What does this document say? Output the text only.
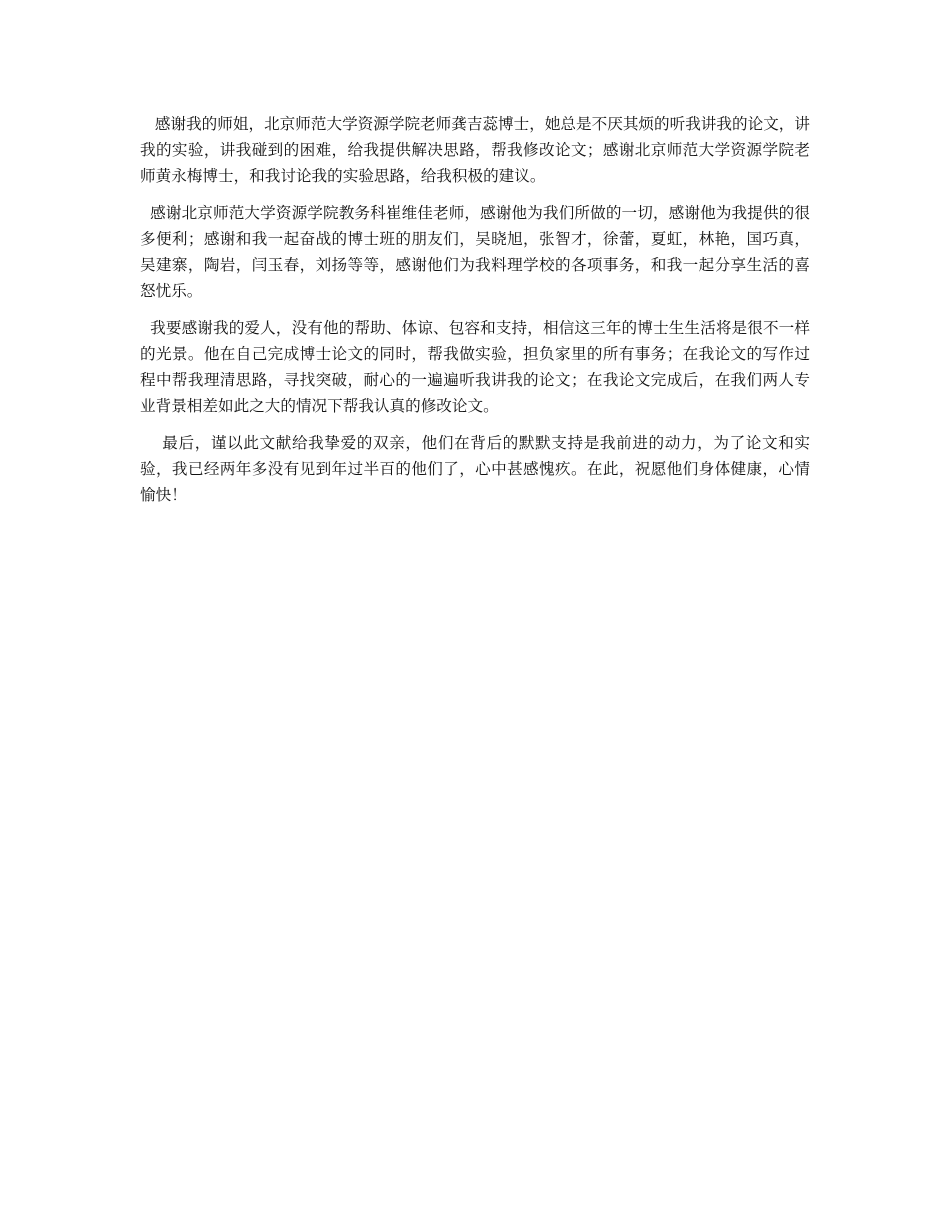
感谢我的师姐，北京师范大学资源学院老师龚吉蕊博士，她总是不厌其烦的听我讲我的论文，讲我的实验，讲我碰到的困难，给我提供解决思路，帮我修改论文；感谢北京师范大学资源学院老师黄永梅博士，和我讨论我的实验思路，给我积极的建议。

感谢北京师范大学资源学院教务科崔维佳老师，感谢他为我们所做的一切，感谢他为我提供的很多便利；感谢和我一起奋战的博士班的朋友们，吴晓旭，张智才，徐蕾，夏虹，林艳，国巧真，吴建寨，陶岩，闫玉春，刘扬等等，感谢他们为我料理学校的各项事务，和我一起分享生活的喜怒忧乐。

我要感谢我的爱人，没有他的帮助、体谅、包容和支持，相信这三年的博士生生活将是很不一样的光景。他在自己完成博士论文的同时，帮我做实验，担负家里的所有事务；在我论文的写作过程中帮我理清思路，寻找突破，耐心的一遍遍听我讲我的论文；在我论文完成后，在我们两人专业背景相差如此之大的情况下帮我认真的修改论文。

最后，谨以此文献给我挚爱的双亲，他们在背后的默默支持是我前进的动力，为了论文和实验，我已经两年多没有见到年过半百的他们了，心中甚感愧疚。在此，祝愿他们身体健康，心情愉快！
